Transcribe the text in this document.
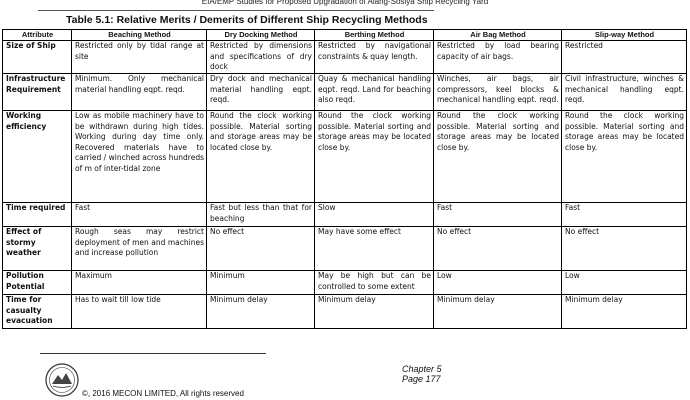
EIA/EMP Studies for Proposed Upgradation of Alang-Sosiya Ship Recycling Yard
Table 5.1: Relative Merits / Demerits of Different Ship Recycling Methods
Attribute	Beaching Method	Dry Docking Method	Berthing Method	Air Bag Method	Slip-way Method
Size of Ship	Restricted only by tidal range at site	Restricted by dimensions and specifications of dry dock	Restricted by navigational constraints & quay length.	Restricted by load bearing capacity of air bags.	Restricted
Infrastructure Requirement	Minimum. Only mechanical material handling eqpt. reqd.	Dry dock and mechanical material handling eqpt. reqd.	Quay & mechanical handling eqpt. reqd. Land for beaching also reqd.	Winches, air bags, air compressors, keel blocks & mechanical handling eqpt. reqd.	Civil infrastructure, winches & mechanical handling eqpt. reqd.
Working efficiency	Low as mobile machinery have to be withdrawn during high tides. Working during day time only. Recovered materials have to carried / winched across hundreds of m of inter-tidal zone	Round the clock working possible. Material sorting and storage areas may be located close by.	Round the clock working possible. Material sorting and storage areas may be located close by.	Round the clock working possible. Material sorting and storage areas may be located close by.	Round the clock working possible. Material sorting and storage areas may be located close by.
Time required	Fast	Fast but less than that for beaching	Slow	Fast	Fast
Effect of stormy weather	Rough seas may restrict deployment of men and machines and increase pollution	No effect	May have some effect	No effect	No effect
Pollution Potential	Maximum	Minimum	May be high but can be controlled to some extent	Low	Low
Time for casualty evacuation	Has to wait till low tide	Minimum delay	Minimum delay	Minimum delay	Minimum delay
Chapter 5
Page 177
©, 2016 MECON LIMITED, All rights reserved
